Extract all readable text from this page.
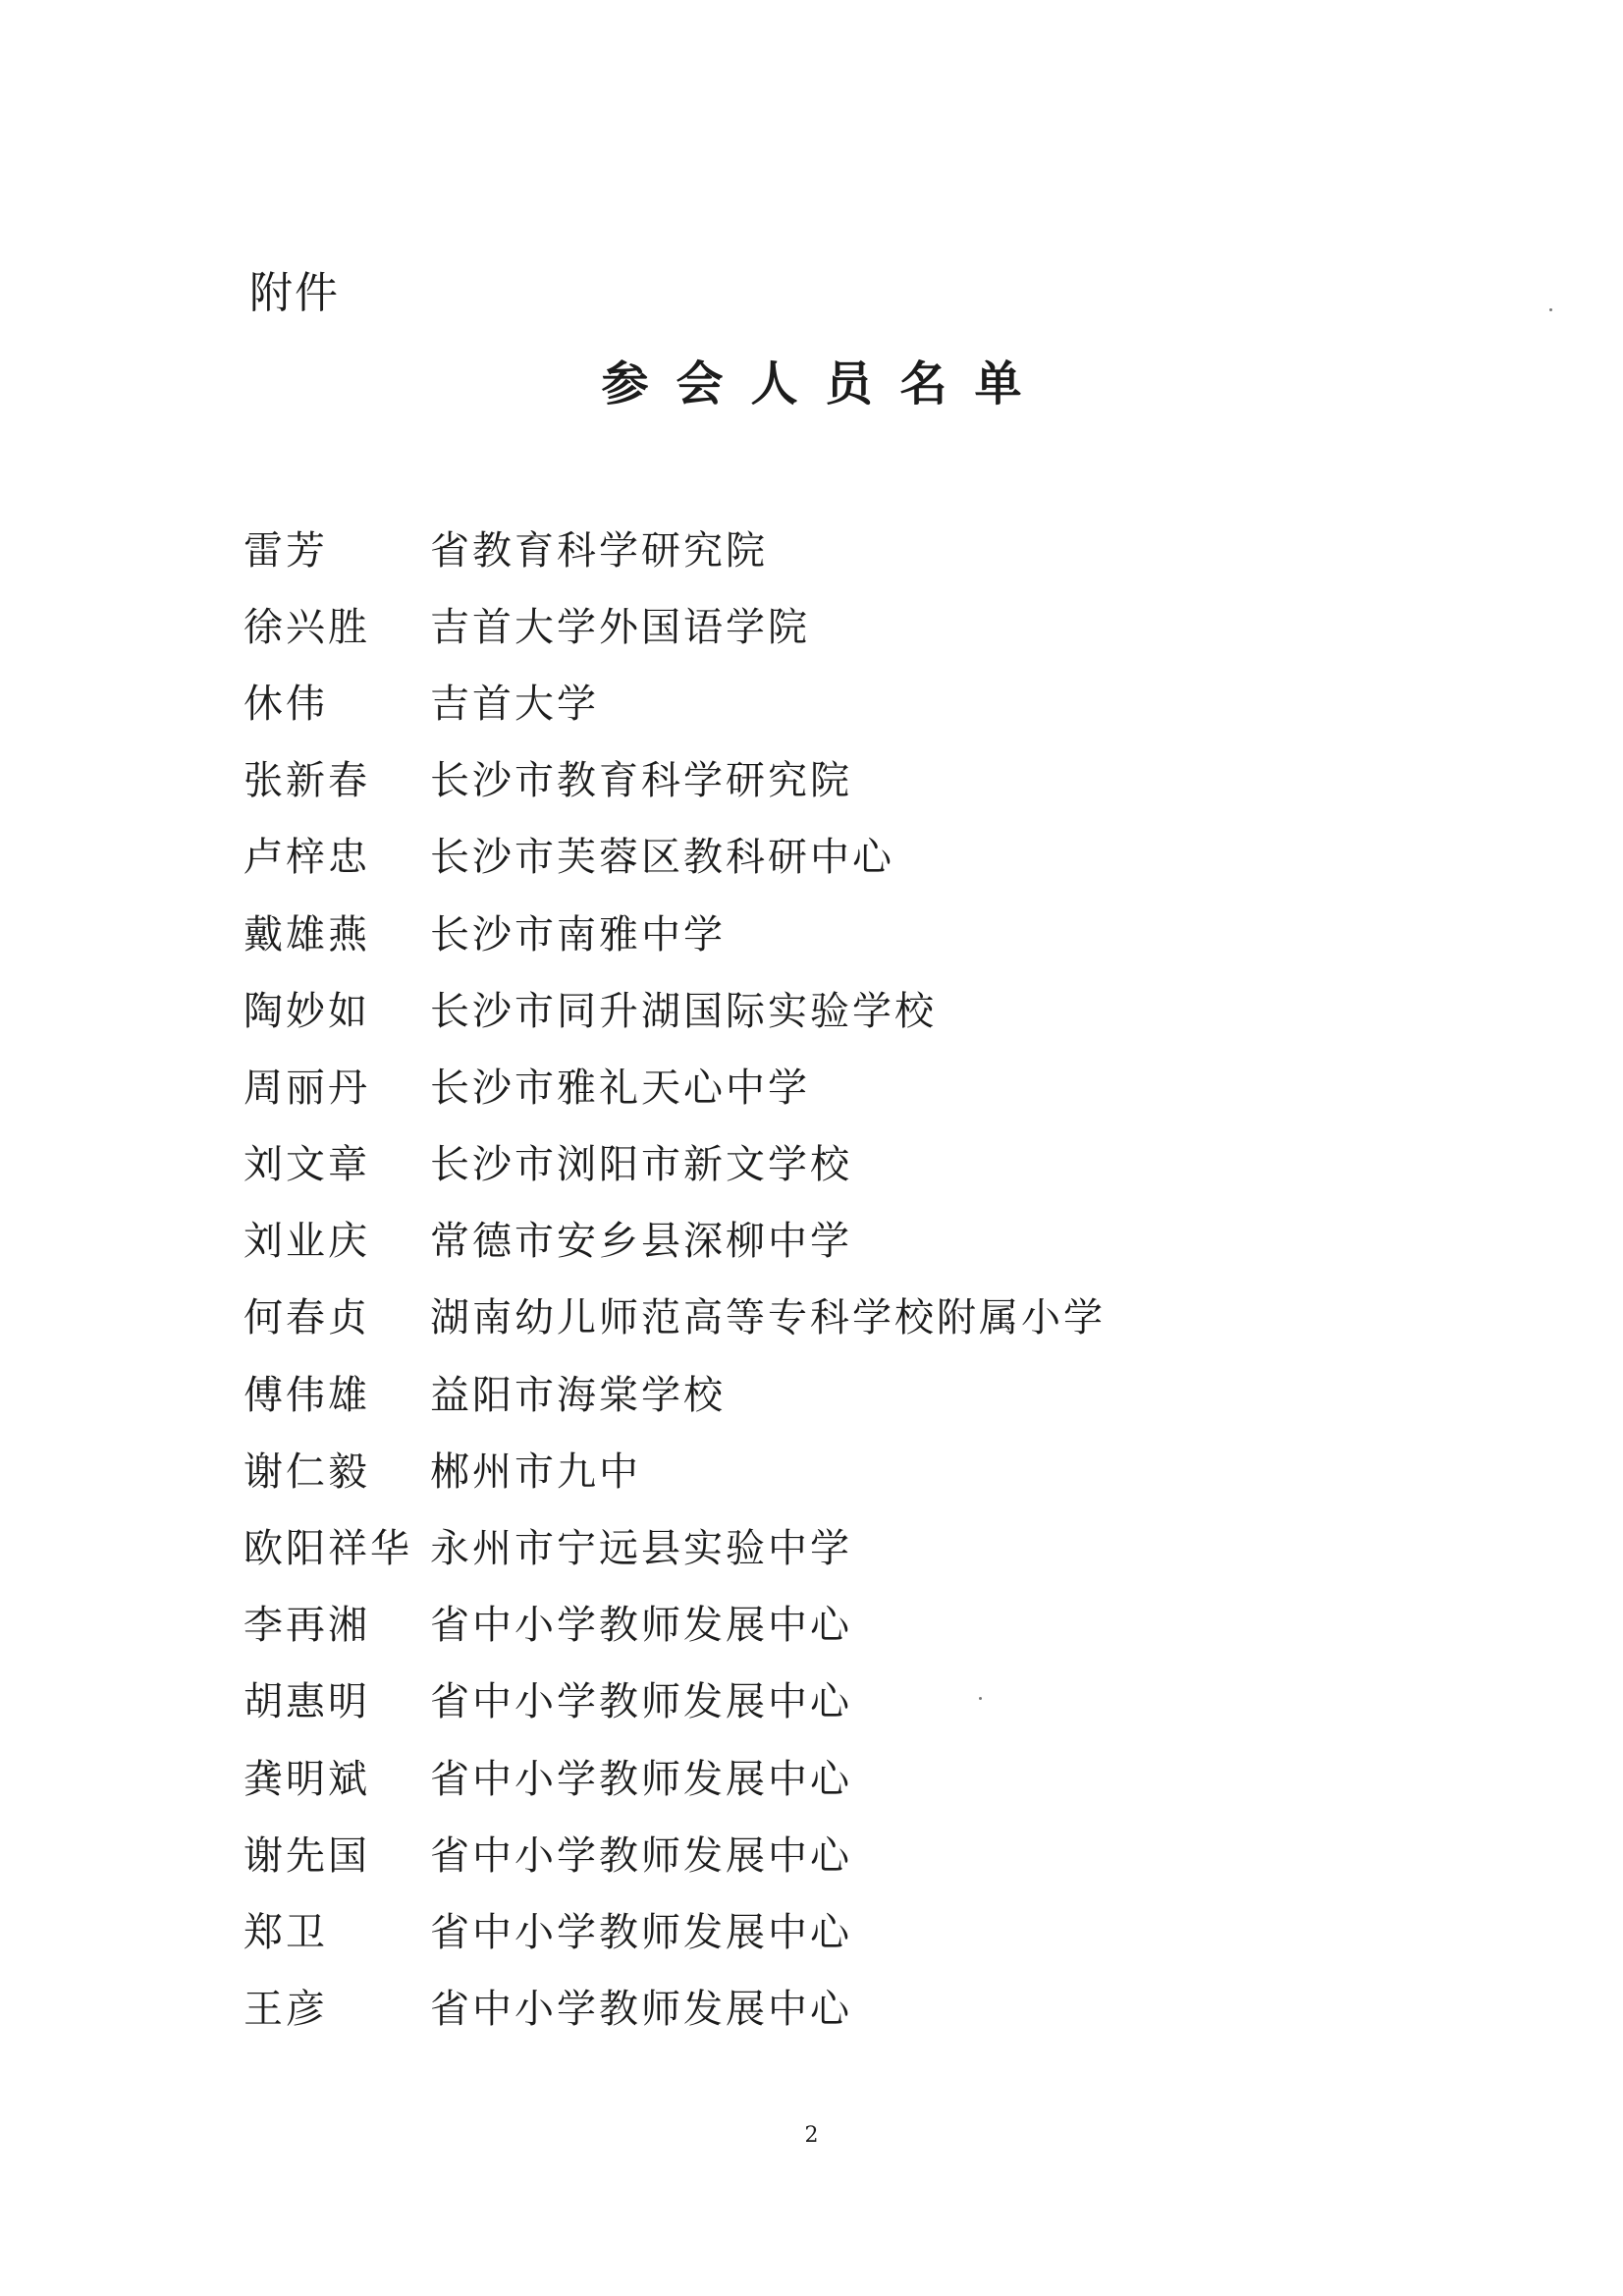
附件
参会人员名单
雷芳	省教育科学研究院
徐兴胜	吉首大学外国语学院
休伟	吉首大学
张新春	长沙市教育科学研究院
卢梓忠	长沙市芙蓉区教科研中心
戴雄燕	长沙市南雅中学
陶妙如	长沙市同升湖国际实验学校
周丽丹	长沙市雅礼天心中学
刘文章	长沙市浏阳市新文学校
刘业庆	常德市安乡县深柳中学
何春贞	湖南幼儿师范高等专科学校附属小学
傅伟雄	益阳市海棠学校
谢仁毅	郴州市九中
欧阳祥华 永州市宁远县实验中学
李再湘	省中小学教师发展中心
胡惠明	省中小学教师发展中心
龚明斌	省中小学教师发展中心
谢先国	省中小学教师发展中心
郑卫	省中小学教师发展中心
王彦	省中小学教师发展中心
2
